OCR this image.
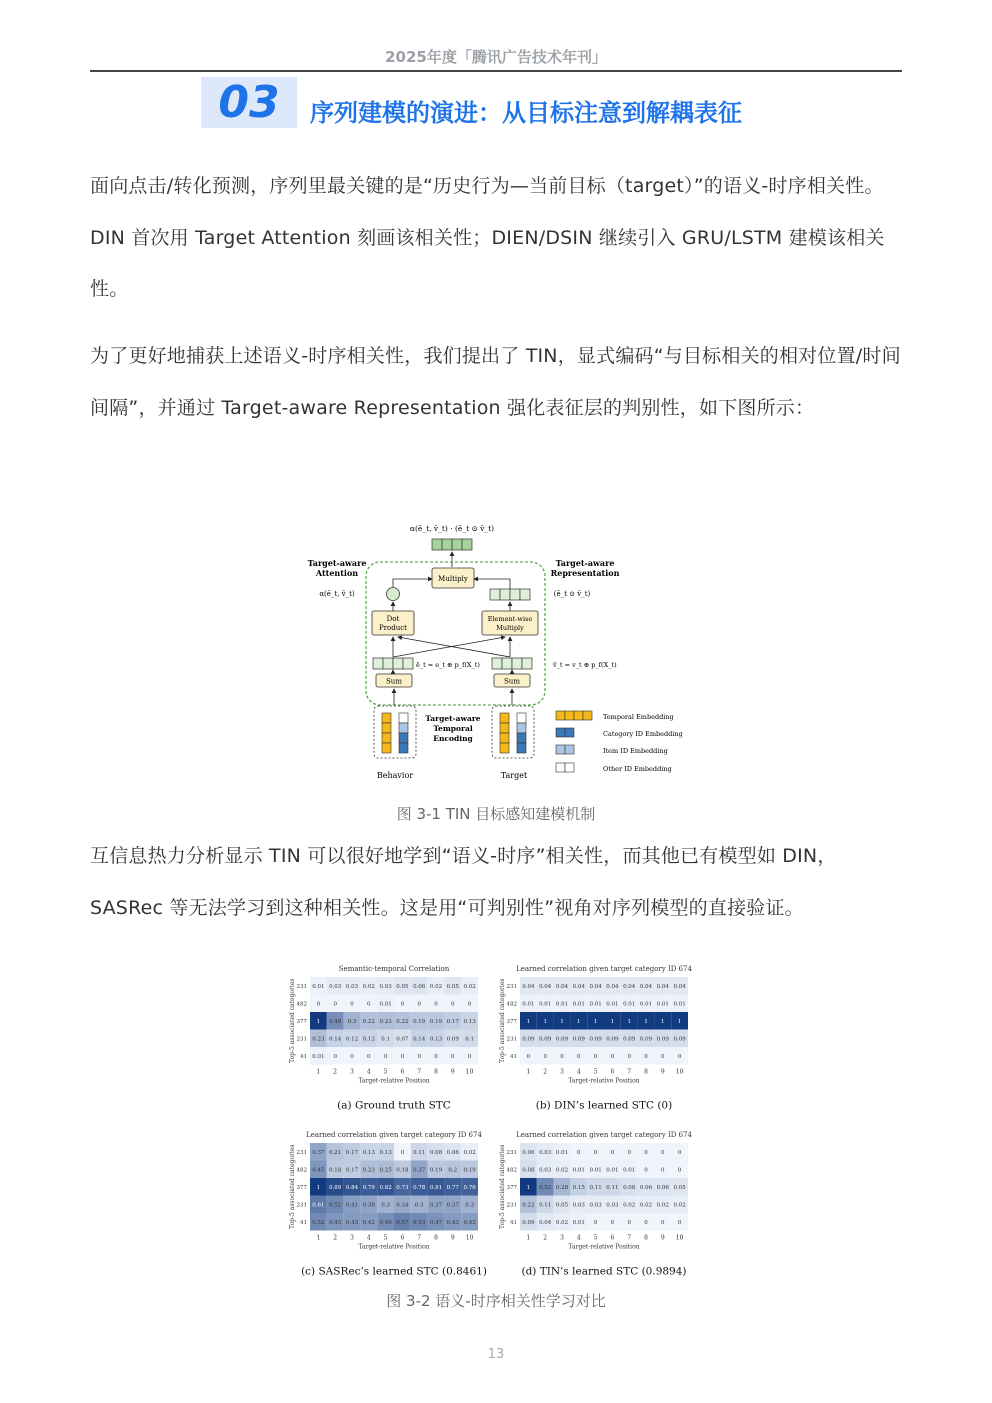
2025年度「腾讯广告技术年刊」
03	序列建模的演进：从目标注意到解耦表征
面向点击/转化预测，序列里最关键的是“历史行为—当前目标（target）”的语义-时序相关性。DIN 首次用 Target Attention 刻画该相关性；DIEN/DSIN 继续引入 GRU/LSTM 建模该相关性。
为了更好地捕获上述语义-时序相关性，我们提出了 TIN，显式编码“与目标相关的相对位置/时间间隔”，并通过 Target-aware Representation 强化表征层的判别性，如下图所示：
α(ē_t, v̄_t) · (ē_t ⊙ v̄_t)
Target-aware
Attention
α(ē_t, v̄_t)
Target-aware
Representation
(ē_t ⊙ v̄_t)
Multiply
Dot
Product
Element-wise
Multiply
ē_t = e_t ⊕ p_f(X_t)	v̄_t = v_t ⊕ p_f(X_t)
Sum	Sum
Behavior
Target-aware
Temporal
Encoding
Target
Temporal Embedding
Category ID Embedding
Item ID Embedding
Other ID Embedding
图 3-1 TIN 目标感知建模机制
互信息热力分析显示 TIN 可以很好地学到“语义-时序”相关性，而其他已有模型如 DIN，SASRec 等无法学习到这种相关性。这是用“可判别性”视角对序列模型的直接验证。
Semantic-temporal Correlation
0.01 0.03 0.03 0.02 0.03 0.05 0.06 0.02 0.05 0.02
231
0 0 0 0 0.01 0 0 0 0 0
482
1 0.49 0.3 0.22 0.23 0.22 0.19 0.19 0.17 0.13
377
0.23 0.14 0.12 0.13 0.1 0.07 0.14 0.13 0.09 0.1
231
0.01 0 0 0 0 0 0 0 0 0
41
1 2 3 4 5 6 7 8 9 10
Target-relative Position
Top-5 associated categories
(a) Ground truth STC
Learned correlation given target category ID 674
0.04 0.04 0.04 0.04 0.04 0.04 0.04 0.04 0.04 0.04
231
0.01 0.01 0.01 0.01 0.01 0.01 0.01 0.01 0.01 0.01
482
1 1 1 1 1 1 1 1 1 1
377
0.09 0.09 0.09 0.09 0.09 0.09 0.09 0.09 0.09 0.09
231
0 0 0 0 0 0 0 0 0 0
41
1 2 3 4 5 6 7 8 9 10
Target-relative Position
Top-5 associated categories
(b) DIN’s learned STC (0)
Learned correlation given target category ID 674
0.37 0.21 0.17 0.13 0.13 0 0.11 0.08 0.06 0.02
231
0.45 0.18 0.17 0.23 0.25 0.18 0.37 0.19 0.2 0.19
482
1 0.89 0.84 0.79 0.82 0.73 0.78 0.81 0.77 0.76
377
0.61 0.52 0.41 0.38 0.3 0.34 0.3 0.37 0.37 0.3
231
0.52 0.45 0.43 0.42 0.49 0.57 0.53 0.47 0.43 0.42
41
1 2 3 4 5 6 7 8 9 10
Target-relative Position
Top-5 associated categories
(c) SASRec’s learned STC (0.8461)
Learned correlation given target category ID 674
0.06 0.03 0.01 0 0 0 0 0 0 0
231
0.08 0.03 0.02 0.01 0.01 0.01 0.01 0 0 0
482
1 0.52 0.28 0.15 0.11 0.11 0.08 0.06 0.06 0.05
377
0.22 0.11 0.05 0.03 0.03 0.03 0.02 0.02 0.02 0.02
231
0.09 0.04 0.02 0.01 0 0 0 0 0 0
41
1 2 3 4 5 6 7 8 9 10
Target-relative Position
Top-5 associated categories
(d) TIN’s learned STC (0.9894)
图 3-2 语义-时序相关性学习对比
13
